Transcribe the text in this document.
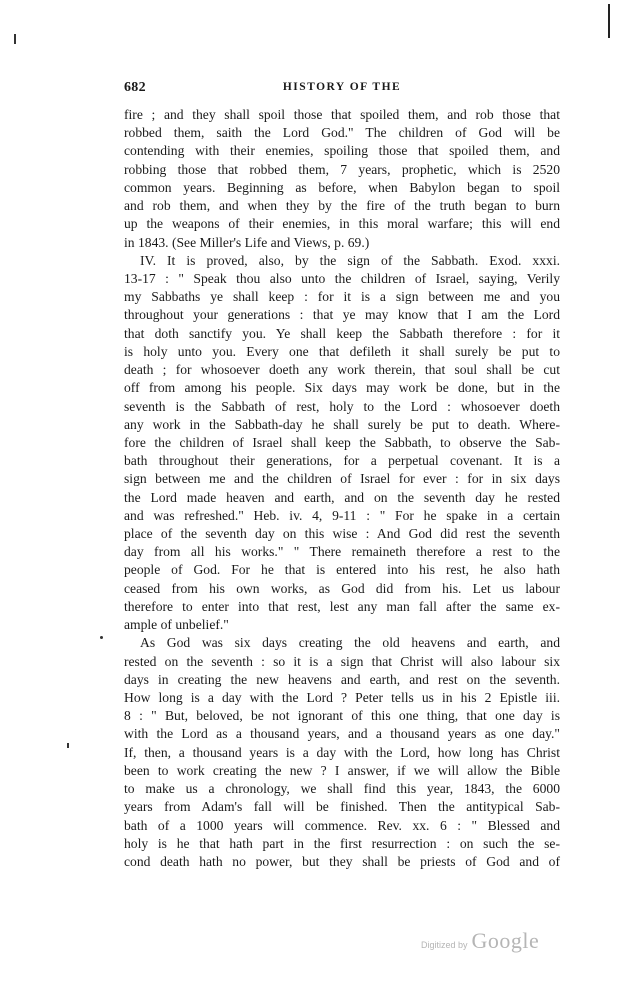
682	HISTORY OF THE
fire ; and they shall spoil those that spoiled them, and rob those that
robbed them, saith the Lord God." The children of God will be
contending with their enemies, spoiling those that spoiled them, and
robbing those that robbed them, 7 years, prophetic, which is 2520
common years. Beginning as before, when Babylon began to spoil
and rob them, and when they by the fire of the truth began to burn
up the weapons of their enemies, in this moral warfare; this will end
in 1843. (See Miller's Life and Views, p. 69.)
IV. It is proved, also, by the sign of the Sabbath. Exod. xxxi.
13-17 : " Speak thou also unto the children of Israel, saying, Verily
my Sabbaths ye shall keep : for it is a sign between me and you
throughout your generations : that ye may know that I am the Lord
that doth sanctify you. Ye shall keep the Sabbath therefore : for it
is holy unto you. Every one that defileth it shall surely be put to
death ; for whosoever doeth any work therein, that soul shall be cut
off from among his people. Six days may work be done, but in the
seventh is the Sabbath of rest, holy to the Lord : whosoever doeth
any work in the Sabbath-day he shall surely be put to death. Where-
fore the children of Israel shall keep the Sabbath, to observe the Sab-
bath throughout their generations, for a perpetual covenant. It is a
sign between me and the children of Israel for ever : for in six days
the Lord made heaven and earth, and on the seventh day he rested
and was refreshed." Heb. iv. 4, 9-11 : " For he spake in a certain
place of the seventh day on this wise : And God did rest the seventh
day from all his works." " There remaineth therefore a rest to the
people of God. For he that is entered into his rest, he also hath
ceased from his own works, as God did from his. Let us labour
therefore to enter into that rest, lest any man fall after the same ex-
ample of unbelief."
As God was six days creating the old heavens and earth, and
rested on the seventh : so it is a sign that Christ will also labour six
days in creating the new heavens and earth, and rest on the seventh.
How long is a day with the Lord ? Peter tells us in his 2 Epistle iii.
8 : " But, beloved, be not ignorant of this one thing, that one day is
with the Lord as a thousand years, and a thousand years as one day."
If, then, a thousand years is a day with the Lord, how long has Christ
been to work creating the new ? I answer, if we will allow the Bible
to make us a chronology, we shall find this year, 1843, the 6000
years from Adam's fall will be finished. Then the antitypical Sab-
bath of a 1000 years will commence. Rev. xx. 6 : " Blessed and
holy is he that hath part in the first resurrection : on such the se-
cond death hath no power, but they shall be priests of God and of
Digitized by Google
